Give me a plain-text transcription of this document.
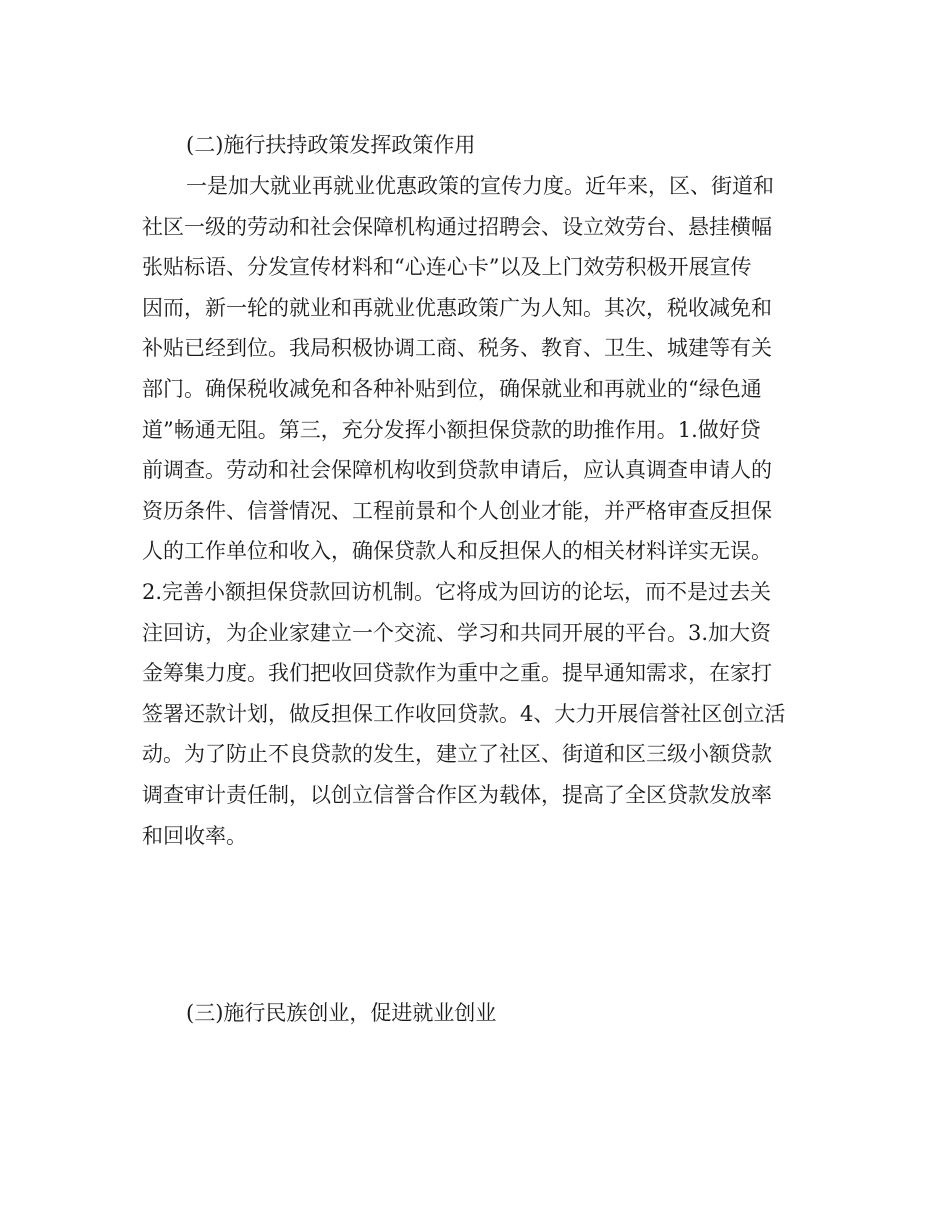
(二)施行扶持政策发挥政策作用
一是加大就业再就业优惠政策的宣传力度。近年来，区、街道和
社区一级的劳动和社会保障机构通过招聘会、设立效劳台、悬挂横幅
张贴标语、分发宣传材料和“心连心卡”以及上门效劳积极开展宣传
因而，新一轮的就业和再就业优惠政策广为人知。其次，税收减免和
补贴已经到位。我局积极协调工商、税务、教育、卫生、城建等有关
部门。确保税收减免和各种补贴到位，确保就业和再就业的“绿色通
道”畅通无阻。第三，充分发挥小额担保贷款的助推作用。1.做好贷
前调查。劳动和社会保障机构收到贷款申请后，应认真调查申请人的
资历条件、信誉情况、工程前景和个人创业才能，并严格审查反担保
人的工作单位和收入，确保贷款人和反担保人的相关材料详实无误。
2.完善小额担保贷款回访机制。它将成为回访的论坛，而不是过去关
注回访，为企业家建立一个交流、学习和共同开展的平台。3.加大资
金筹集力度。我们把收回贷款作为重中之重。提早通知需求，在家打
签署还款计划，做反担保工作收回贷款。4、大力开展信誉社区创立活
动。为了防止不良贷款的发生，建立了社区、街道和区三级小额贷款
调查审计责任制，以创立信誉合作区为载体，提高了全区贷款发放率
和回收率。
(三)施行民族创业，促进就业创业
